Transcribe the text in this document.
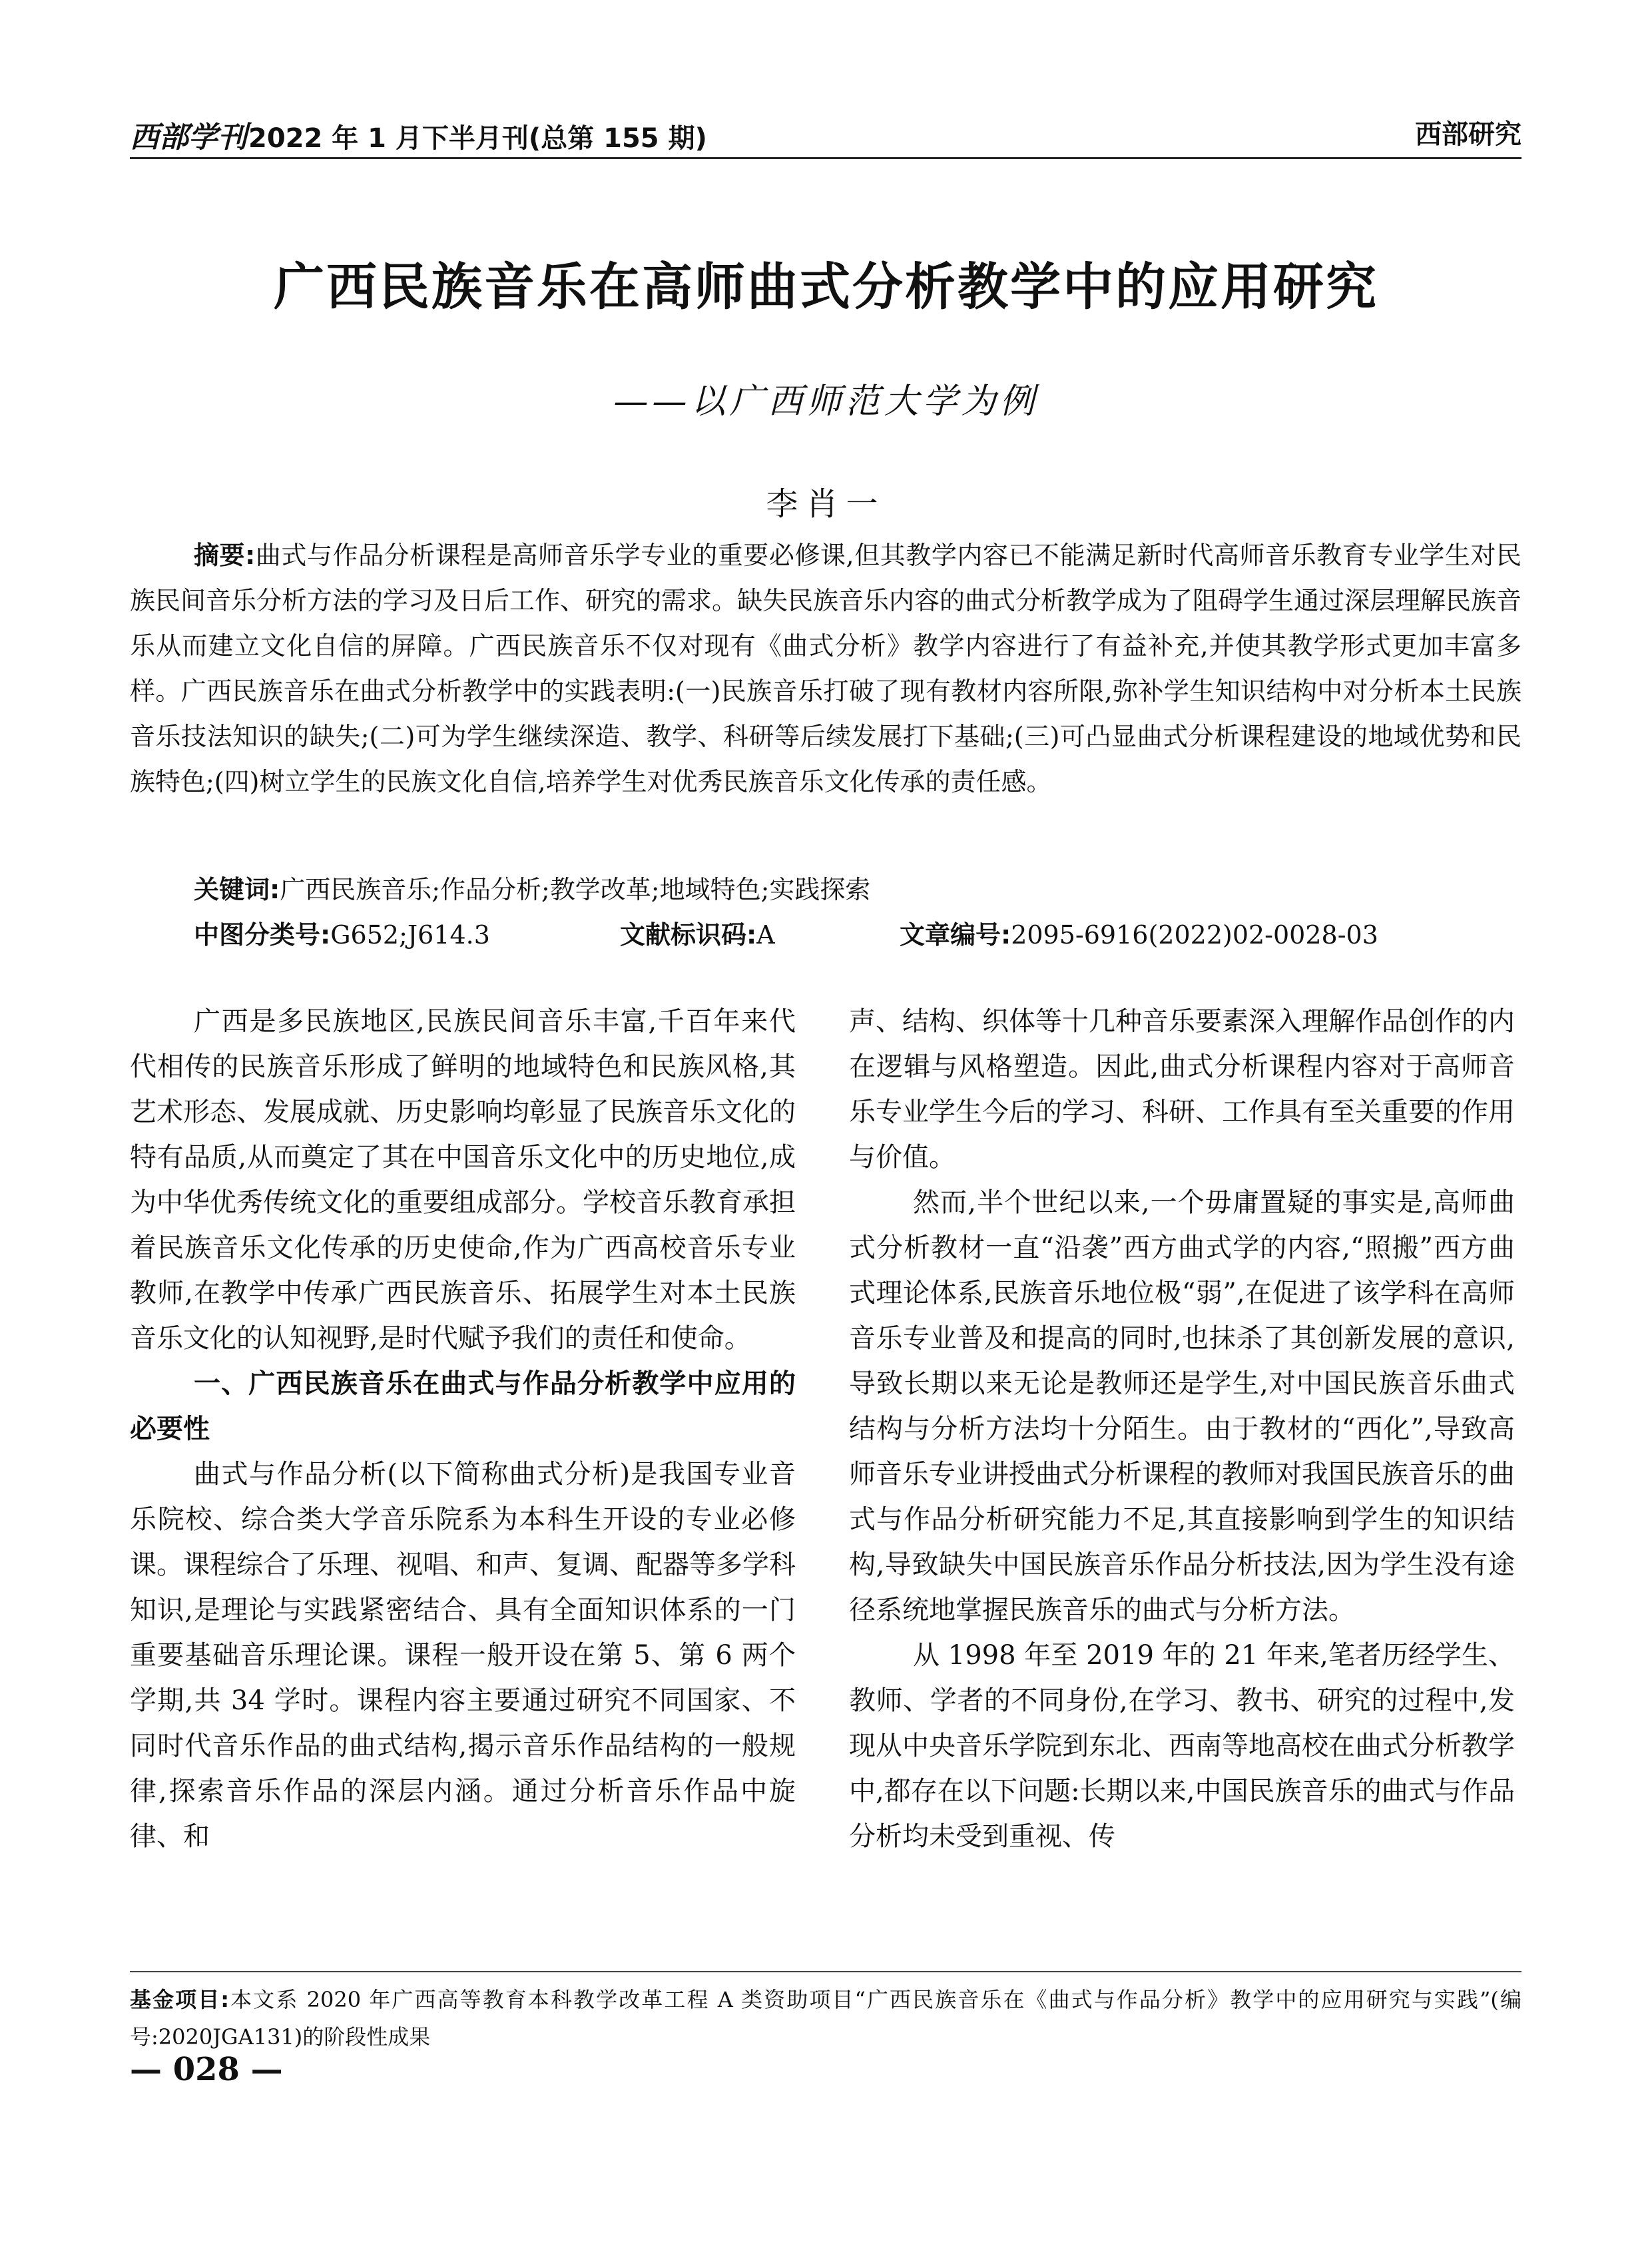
西部学刊2022 年 1 月下半月刊(总第 155 期)	西部研究
广西民族音乐在高师曲式分析教学中的应用研究
——以广西师范大学为例
李肖一

摘要:曲式与作品分析课程是高师音乐学专业的重要必修课,但其教学内容已不能满足新时代高师音乐教育专业学生对民族民间音乐分析方法的学习及日后工作、研究的需求。缺失民族音乐内容的曲式分析教学成为了阻碍学生通过深层理解民族音乐从而建立文化自信的屏障。广西民族音乐不仅对现有《曲式分析》教学内容进行了有益补充,并使其教学形式更加丰富多样。广西民族音乐在曲式分析教学中的实践表明:(一)民族音乐打破了现有教材内容所限,弥补学生知识结构中对分析本土民族音乐技法知识的缺失;(二)可为学生继续深造、教学、科研等后续发展打下基础;(三)可凸显曲式分析课程建设的地域优势和民族特色;(四)树立学生的民族文化自信,培养学生对优秀民族音乐文化传承的责任感。

关键词:广西民族音乐;作品分析;教学改革;地域特色;实践探索
中图分类号:G652;J614.3	文献标识码:A	文章编号:2095-6916(2022)02-0028-03

广西是多民族地区,民族民间音乐丰富,千百年来代代相传的民族音乐形成了鲜明的地域特色和民族风格,其艺术形态、发展成就、历史影响均彰显了民族音乐文化的特有品质,从而奠定了其在中国音乐文化中的历史地位,成为中华优秀传统文化的重要组成部分。学校音乐教育承担着民族音乐文化传承的历史使命,作为广西高校音乐专业教师,在教学中传承广西民族音乐、拓展学生对本土民族音乐文化的认知视野,是时代赋予我们的责任和使命。

一、广西民族音乐在曲式与作品分析教学中应用的必要性

曲式与作品分析(以下简称曲式分析)是我国专业音乐院校、综合类大学音乐院系为本科生开设的专业必修课。课程综合了乐理、视唱、和声、复调、配器等多学科知识,是理论与实践紧密结合、具有全面知识体系的一门重要基础音乐理论课。课程一般开设在第 5、第 6 两个学期,共 34 学时。课程内容主要通过研究不同国家、不同时代音乐作品的曲式结构,揭示音乐作品结构的一般规律,探索音乐作品的深层内涵。通过分析音乐作品中旋律、和

声、结构、织体等十几种音乐要素深入理解作品创作的内在逻辑与风格塑造。因此,曲式分析课程内容对于高师音乐专业学生今后的学习、科研、工作具有至关重要的作用与价值。

然而,半个世纪以来,一个毋庸置疑的事实是,高师曲式分析教材一直“沿袭”西方曲式学的内容,“照搬”西方曲式理论体系,民族音乐地位极“弱”,在促进了该学科在高师音乐专业普及和提高的同时,也抹杀了其创新发展的意识,导致长期以来无论是教师还是学生,对中国民族音乐曲式结构与分析方法均十分陌生。由于教材的“西化”,导致高师音乐专业讲授曲式分析课程的教师对我国民族音乐的曲式与作品分析研究能力不足,其直接影响到学生的知识结构,导致缺失中国民族音乐作品分析技法,因为学生没有途径系统地掌握民族音乐的曲式与分析方法。

从 1998 年至 2019 年的 21 年来,笔者历经学生、教师、学者的不同身份,在学习、教书、研究的过程中,发现从中央音乐学院到东北、西南等地高校在曲式分析教学中,都存在以下问题:长期以来,中国民族音乐的曲式与作品分析均未受到重视、传

基金项目:本文系 2020 年广西高等教育本科教学改革工程 A 类资助项目“广西民族音乐在《曲式与作品分析》教学中的应用研究与实践”(编号:2020JGA131)的阶段性成果
— 028 —
